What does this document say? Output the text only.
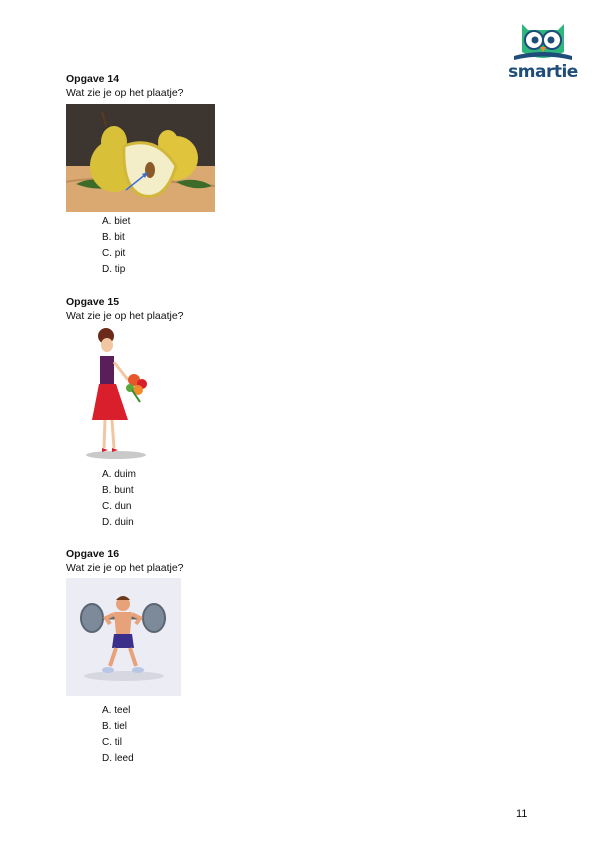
smartie

Opgave 14

Wat zie je op het plaatje?

A. biet
B. bit
C. pit
D. tip

Opgave 15

Wat zie je op het plaatje?

A. duim
B. bunt
C. dun
D. duin

Opgave 16

Wat zie je op het plaatje?

A. teel
B. tiel
C. til
D. leed
11
